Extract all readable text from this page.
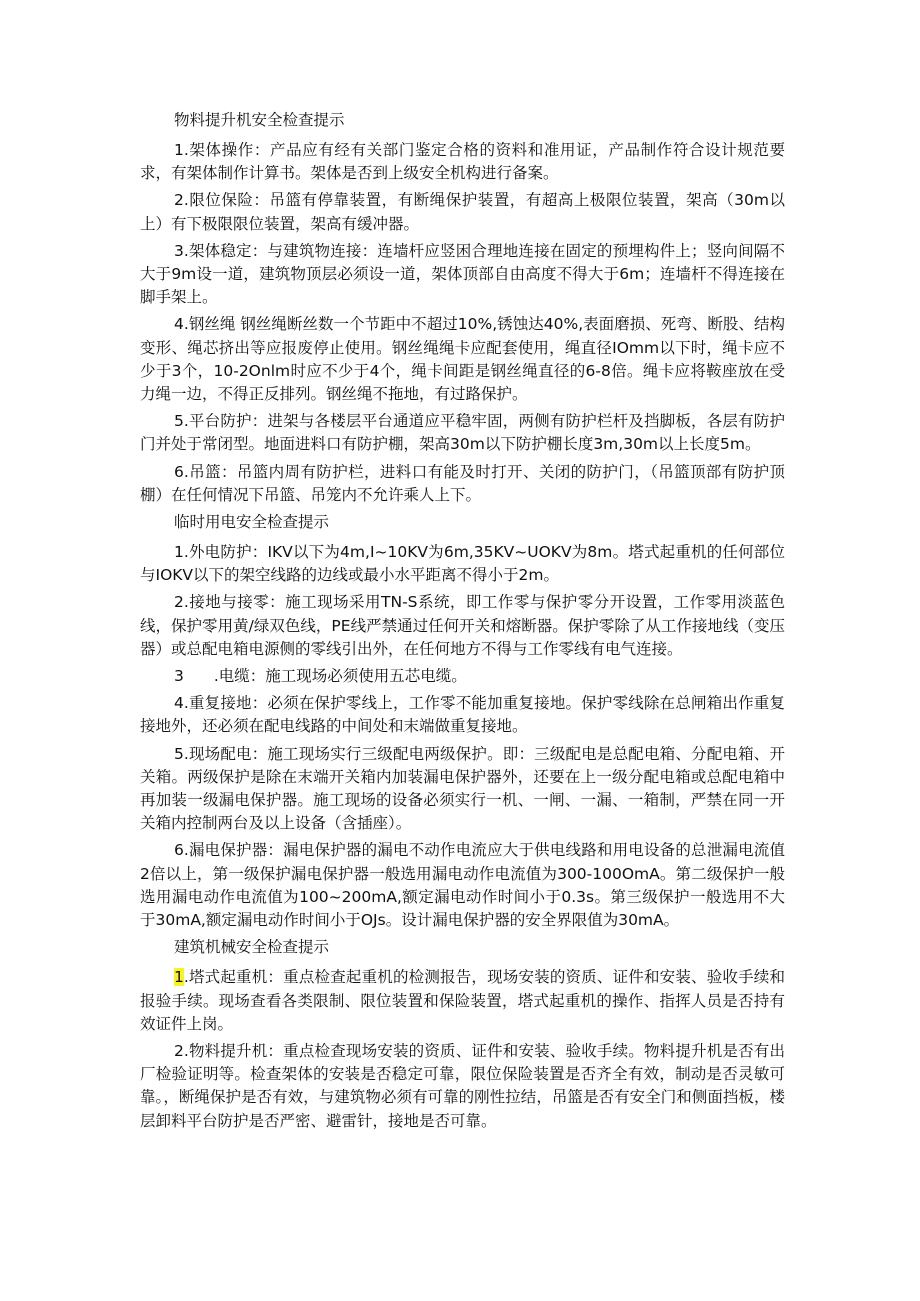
物料提升机安全检查提示

1.架体操作：产品应有经有关部门鉴定合格的资料和准用证，产品制作符合设计规范要求，有架体制作计算书。架体是否到上级安全机构进行备案。

2.限位保险：吊篮有停靠装置，有断绳保护装置，有超高上极限位装置，架高（30m以上）有下极限限位装置，架高有缓冲器。

3.架体稳定：与建筑物连接：连墙杆应竖困合理地连接在固定的预埋构件上；竖向间隔不大于9m设一道，建筑物顶层必须设一道，架体顶部自由高度不得大于6m；连墙杆不得连接在脚手架上。

4.钢丝绳 钢丝绳断丝数一个节距中不超过10%,锈蚀达40%,表面磨损、死弯、断股、结构变形、绳芯挤出等应报废停止使用。钢丝绳绳卡应配套使用，绳直径IOmm以下时，绳卡应不少于3个，10-2Onlm时应不少于4个，绳卡间距是钢丝绳直径的6-8倍。绳卡应将鞍座放在受力绳一边，不得正反排列。钢丝绳不拖地，有过路保护。

5.平台防护：进架与各楼层平台通道应平稳牢固，两侧有防护栏杆及挡脚板，各层有防护门并处于常闭型。地面进料口有防护棚，架高30m以下防护棚长度3m,30m以上长度5m。

6.吊篮：吊篮内周有防护栏，进料口有能及时打开、关闭的防护门，（吊篮顶部有防护顶棚）在任何情况下吊篮、吊笼内不允许乘人上下。

临时用电安全检查提示

1.外电防护：IKV以下为4m,I~10KV为6m,35KV~UOKV为8m。塔式起重机的任何部位与IOKV以下的架空线路的边线或最小水平距离不得小于2m。

2.接地与接零：施工现场采用TN-S系统，即工作零与保护零分开设置，工作零用淡蓝色线，保护零用黄/绿双色线，PE线严禁通过任何开关和熔断器。保护零除了从工作接地线（变压器）或总配电箱电源侧的零线引出外，在任何地方不得与工作零线有电气连接。

3 .电缆：施工现场必须使用五芯电缆。

4.重复接地：必须在保护零线上，工作零不能加重复接地。保护零线除在总闸箱出作重复接地外，还必须在配电线路的中间处和末端做重复接地。

5.现场配电：施工现场实行三级配电两级保护。即：三级配电是总配电箱、分配电箱、开关箱。两级保护是除在末端开关箱内加装漏电保护器外，还要在上一级分配电箱或总配电箱中再加装一级漏电保护器。施工现场的设备必须实行一机、一闸、一漏、一箱制，严禁在同一开关箱内控制两台及以上设备（含插座）。

6.漏电保护器：漏电保护器的漏电不动作电流应大于供电线路和用电设备的总泄漏电流值2倍以上，第一级保护漏电保护器一般选用漏电动作电流值为300-100OmA。第二级保护一般选用漏电动作电流值为100~200mA,额定漏电动作时间小于0.3s。第三级保护一般选用不大于30mA,额定漏电动作时间小于OJs。设计漏电保护器的安全界限值为30mA。

建筑机械安全检查提示

1.塔式起重机：重点检查起重机的检测报告，现场安装的资质、证件和安装、验收手续和报验手续。现场查看各类限制、限位装置和保险装置，塔式起重机的操作、指挥人员是否持有效证件上岗。

2.物料提升机：重点检查现场安装的资质、证件和安装、验收手续。物料提升机是否有出厂检验证明等。检查架体的安装是否稳定可靠，限位保险装置是否齐全有效，制动是否灵敏可靠。，断绳保护是否有效，与建筑物必须有可靠的刚性拉结，吊篮是否有安全门和侧面挡板，楼层卸料平台防护是否严密、避雷针，接地是否可靠。
